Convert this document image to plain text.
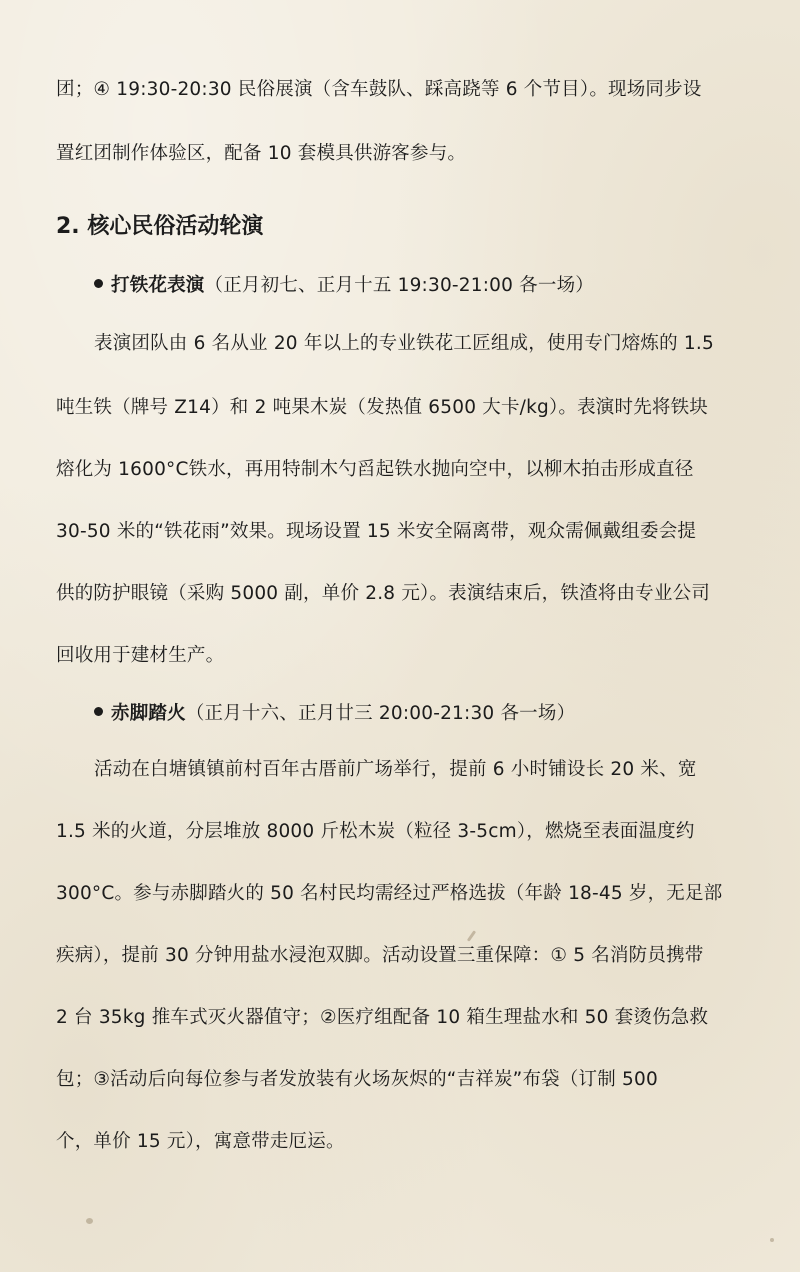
团；④ 19:30-20:30 民俗展演（含车鼓队、踩高跷等 6 个节目）。现场同步设
置红团制作体验区，配备 10 套模具供游客参与。
2. 核心民俗活动轮演
打铁花表演（正月初七、正月十五 19:30-21:00 各一场）
表演团队由 6 名从业 20 年以上的专业铁花工匠组成，使用专门熔炼的 1.5
吨生铁（牌号 Z14）和 2 吨果木炭（发热值 6500 大卡/kg）。表演时先将铁块
熔化为 1600°C铁水，再用特制木勺舀起铁水抛向空中，以柳木拍击形成直径
30-50 米的“铁花雨”效果。现场设置 15 米安全隔离带，观众需佩戴组委会提
供的防护眼镜（采购 5000 副，单价 2.8 元）。表演结束后，铁渣将由专业公司
回收用于建材生产。
赤脚踏火（正月十六、正月廿三 20:00-21:30 各一场）
活动在白塘镇镇前村百年古厝前广场举行，提前 6 小时铺设长 20 米、宽
1.5 米的火道，分层堆放 8000 斤松木炭（粒径 3-5cm），燃烧至表面温度约
300°C。参与赤脚踏火的 50 名村民均需经过严格选拔（年龄 18-45 岁，无足部
疾病），提前 30 分钟用盐水浸泡双脚。活动设置三重保障：① 5 名消防员携带
2 台 35kg 推车式灭火器值守；②医疗组配备 10 箱生理盐水和 50 套烫伤急救
包；③活动后向每位参与者发放装有火场灰烬的“吉祥炭”布袋（订制 500
个，单价 15 元），寓意带走厄运。
